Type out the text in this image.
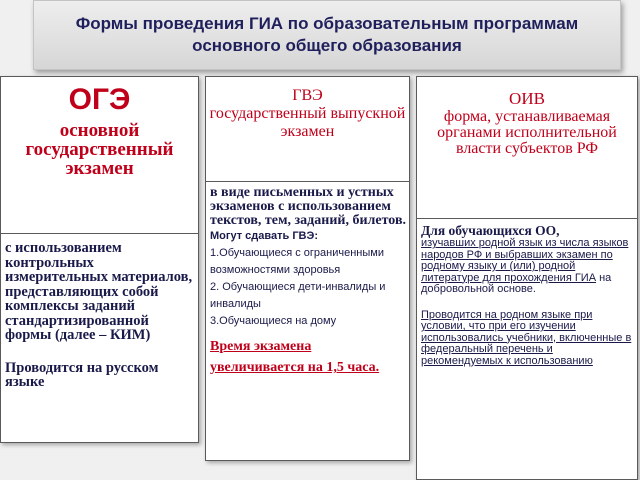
Формы проведения ГИА по образовательным программам основного общего образования
ОГЭ
основной государственный экзамен

с использованием контрольных измерительных материалов, представляющих собой комплексы заданий стандартизированной формы (далее – КИМ)

Проводится на русском языке

ГВЭ
государственный выпускной экзамен

в виде письменных и устных экзаменов с использованием текстов, тем, заданий, билетов.

Могут сдавать ГВЭ:

1.Обучающиеся с ограниченными возможностями здоровья

2. Обучающиеся дети-инвалиды и инвалиды

3.Обучающиеся на дому

Время экзамена увеличивается на 1,5 часа.
ОИВ
форма, устанавливаемая органами исполнительной власти субъектов РФ

Для обучающихся ОО,

изучавших родной язык из числа языков народов РФ и выбравших экзамен по родному языку и (или) родной литературе для прохождения ГИА на добровольной основе.

Проводится на родном языке при условии, что при его изучении использовались учебники, включенные в федеральный перечень и рекомендуемых к использованию
